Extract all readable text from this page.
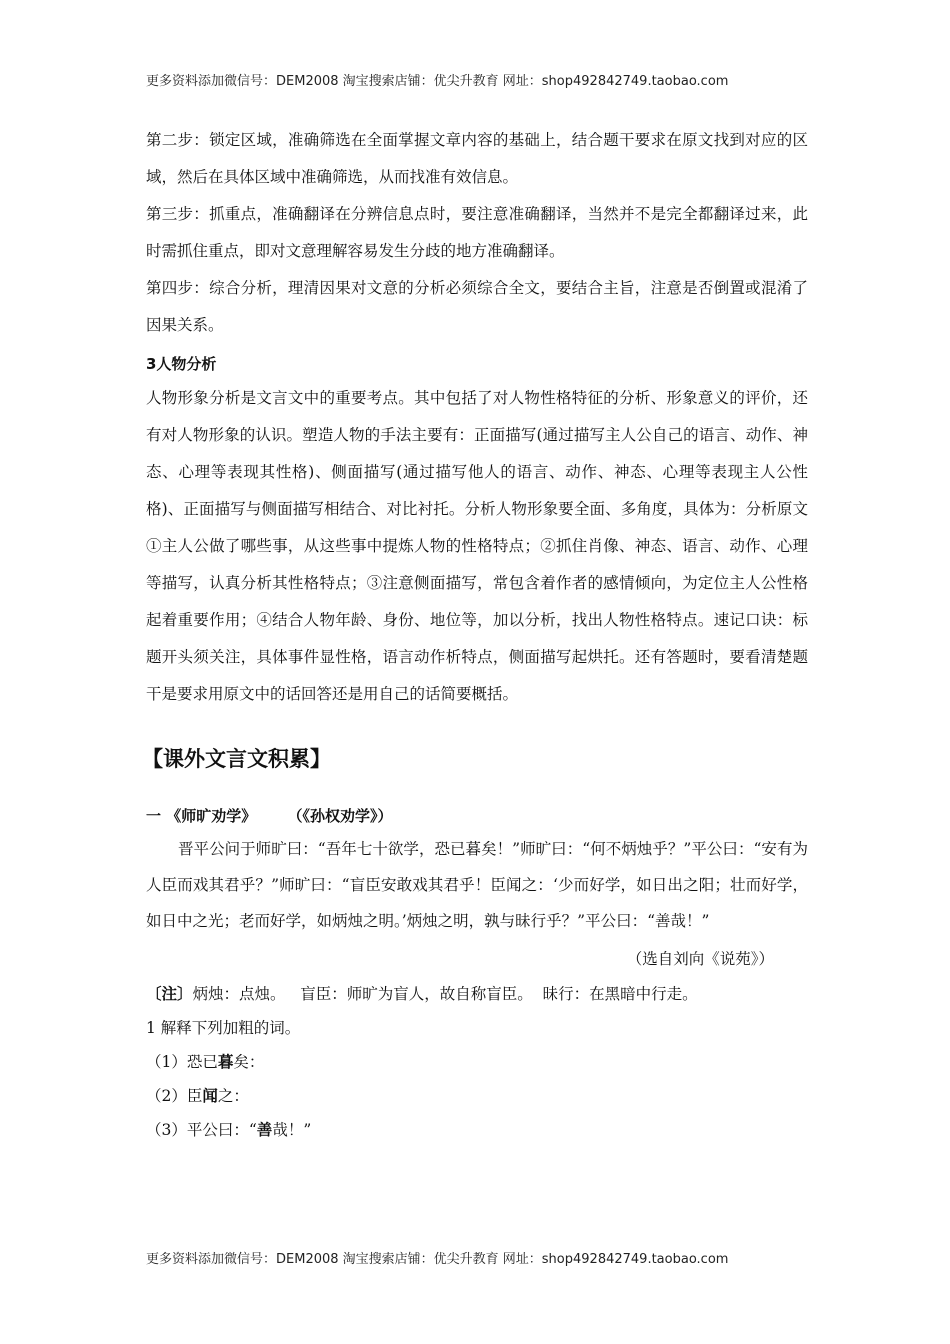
更多资料添加微信号：DEM2008 淘宝搜索店铺：优尖升教育 网址：shop492842749.taobao.com

第二步：锁定区域，准确筛选在全面掌握文章内容的基础上，结合题干要求在原文找到对应的区域，然后在具体区域中准确筛选，从而找准有效信息。

第三步：抓重点，准确翻译在分辨信息点时，要注意准确翻译，当然并不是完全都翻译过来，此时需抓住重点，即对文意理解容易发生分歧的地方准确翻译。

第四步：综合分析，理清因果对文意的分析必须综合全文，要结合主旨，注意是否倒置或混淆了因果关系。

3人物分析

人物形象分析是文言文中的重要考点。其中包括了对人物性格特征的分析、形象意义的评价，还有对人物形象的认识。塑造人物的手法主要有：正面描写(通过描写主人公自己的语言、动作、神态、心理等表现其性格)、侧面描写(通过描写他人的语言、动作、神态、心理等表现主人公性格)、正面描写与侧面描写相结合、对比衬托。分析人物形象要全面、多角度，具体为：分析原文①主人公做了哪些事，从这些事中提炼人物的性格特点；②抓住肖像、神态、语言、动作、心理等描写，认真分析其性格特点；③注意侧面描写，常包含着作者的感情倾向，为定位主人公性格起着重要作用；④结合人物年龄、身份、地位等，加以分析，找出人物性格特点。速记口诀：标题开头须关注，具体事件显性格，语言动作析特点，侧面描写起烘托。还有答题时，要看清楚题干是要求用原文中的话回答还是用自己的话简要概括。

【课外文言文积累】
一 《师旷劝学》      （《孙权劝学》）

晋平公问于师旷曰：“吾年七十欲学，恐已暮矣！”师旷曰：“何不炳烛乎？”平公曰：“安有为人臣而戏其君乎？”师旷曰：“盲臣安敢戏其君乎！臣闻之：‘少而好学，如日出之阳；壮而好学，如日中之光；老而好学，如炳烛之明。’炳烛之明，孰与昧行乎？”平公曰：“善哉！”

（选自刘向《说苑》）
〔注〕炳烛：点烛。   盲臣：师旷为盲人，故自称盲臣。  昧行：在黑暗中行走。

1 解释下列加粗的词。

（1）恐已暮矣：

（2）臣闻之：

（3）平公曰：“善哉！”

更多资料添加微信号：DEM2008 淘宝搜索店铺：优尖升教育 网址：shop492842749.taobao.com
